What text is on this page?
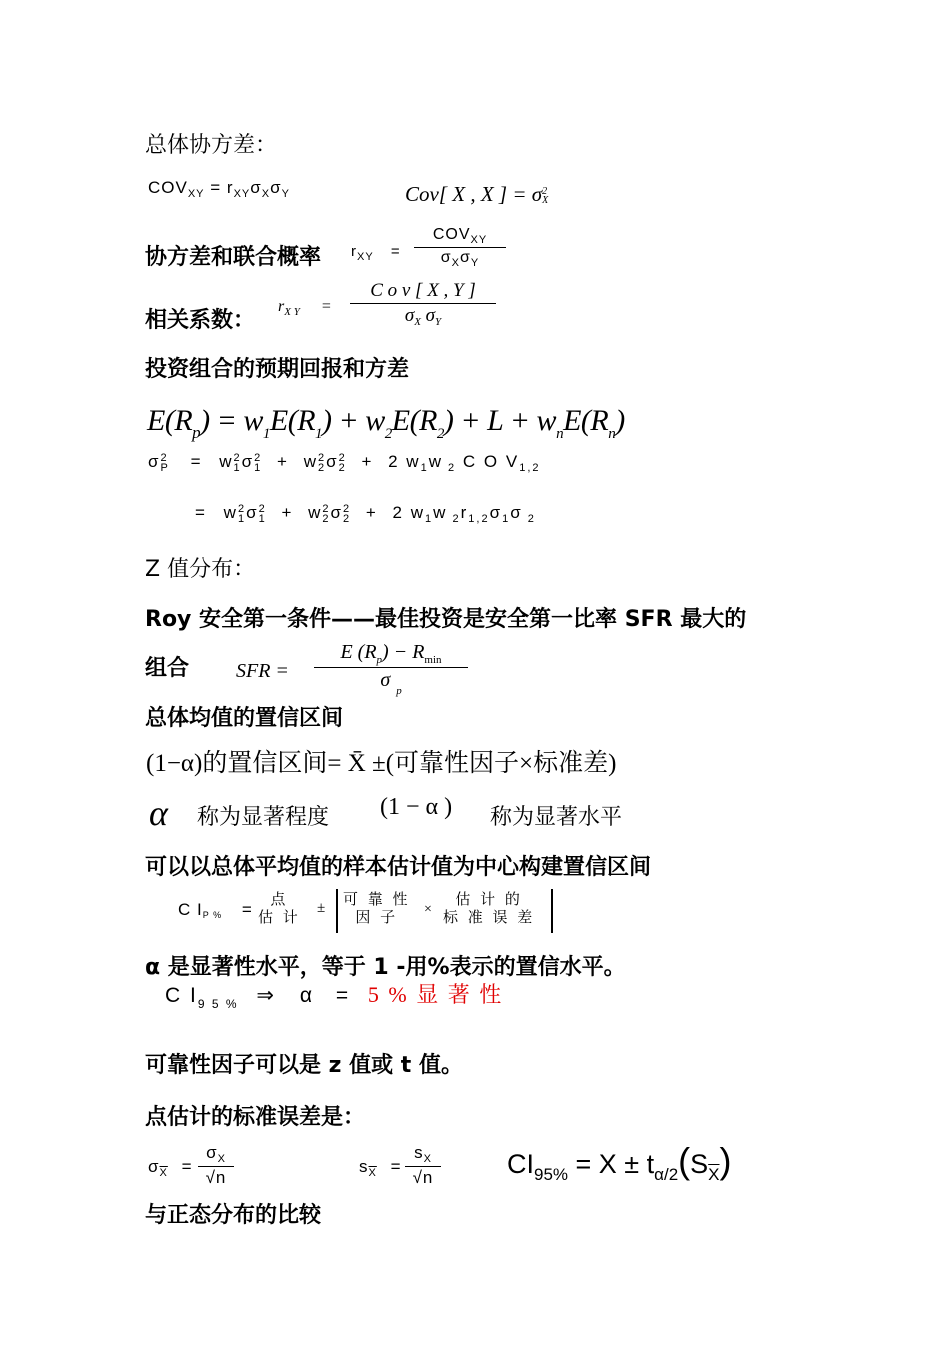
总体协方差：
$COV_{XY} = r_{XY}\sigma_X\sigma_Y$	Cov[ X , X ] = σ 2
X
协方差和联合概率 $r_{XY}$ =
$COV_{XY}$
$\sigma_X\sigma_Y$
相关系数：
$r_{X Y} = \frac{\text{C o v [ X , Y ]}}{\sigma_X \sigma_Y}$
投资组合的预期回报和方差
$E(R_p) = w_1E(R_1) + w_2E(R_2) + L + w_nE(R_n)$
σ 2
P = w 2
1 σ 2
1 + w 2
2 σ 2
2 + 2 $w_1w$ $_2$ C O $V_{1,2}$
= w 2
1 σ 2
1 + w 2
2 σ 2
2 + 2 $w_1w$ $_2r_{1,2}\sigma_1\sigma$ $_2$
Z 值分布：
Roy 安全第一条件——最佳投资是安全第一比率 SFR 最大的
组合 SFR =
E $(R_p) - R_{min}$
σ $_p$
总体均值的置信区间
(1−α)的置信区间= X̄ ±(可靠性因子×标准差)
α 称为显著程度 (1 − α ) 称为显著水平
可以以总体平均值的样本估计值为中心构建置信区间
C IP % =	点
估 计
± 可 靠 性
因 子
×
估 计 的
标 准 误 差
α 是显著性水平，等于 1 -用%表示的置信水平。
C $I_{9 5 \%}$ ⇒ α = 5 % 显 著 性
可靠性因子可以是 z 值或 t 值。
点估计的标准误差是：
$\sigma_{\overline{X}} = \frac{\sigma_X}{√n}$	$s_{\overline{X}} = \frac{s_X}{√n} CI_{95\%} = X \pm t_{\alpha/2}(S_{\overline{X}})$
与正态分布的比较
